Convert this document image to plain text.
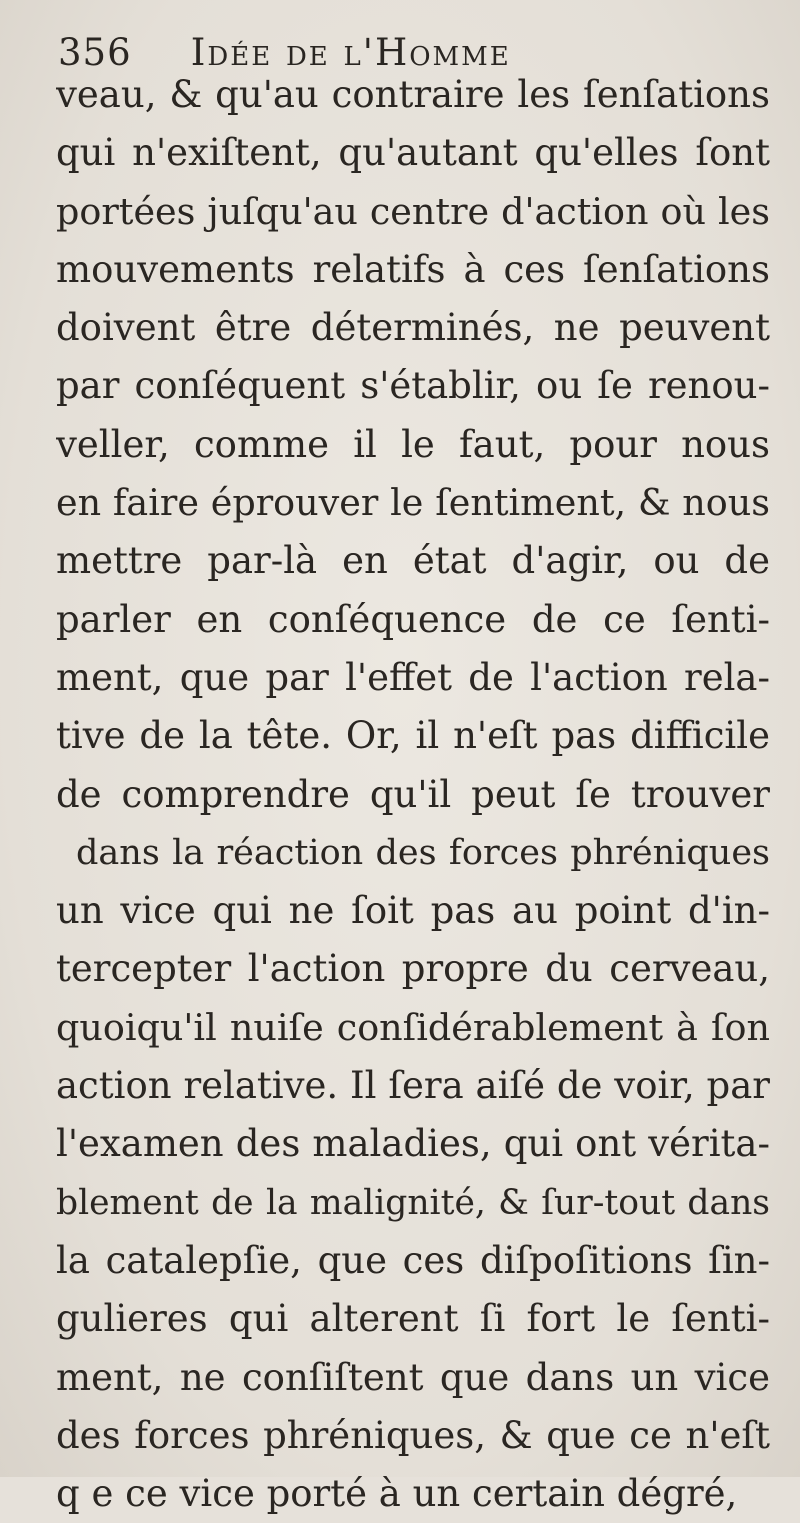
356 Idée de l'Homme
veau, & qu'au contraire les ſenſations
qui n'exiſtent, qu'autant qu'elles ſont
portées juſqu'au centre d'action où les
mouvements relatifs à ces ſenſations
doivent être déterminés, ne peuvent
par conſéquent s'établir, ou ſe renou-
veller, comme il le faut, pour nous
en faire éprouver le ſentiment, & nous
mettre par-là en état d'agir, ou de
parler en conſéquence de ce ſenti-
ment, que par l'effet de l'action rela-
tive de la tête. Or, il n'eſt pas difficile
de comprendre qu'il peut ſe trouver
dans la réaction des forces phréniques
un vice qui ne ſoit pas au point d'in-
tercepter l'action propre du cerveau,
quoiqu'il nuiſe conſidérablement à ſon
action relative. Il ſera aiſé de voir, par
l'examen des maladies, qui ont vérita-
blement de la malignité, & ſur-tout dans
la catalepſie, que ces diſpoſitions ſin-
gulieres qui alterent ſi fort le ſenti-
ment, ne conſiſtent que dans un vice
des forces phréniques, & que ce n'eſt
q e ce vice porté à un certain dégré,
